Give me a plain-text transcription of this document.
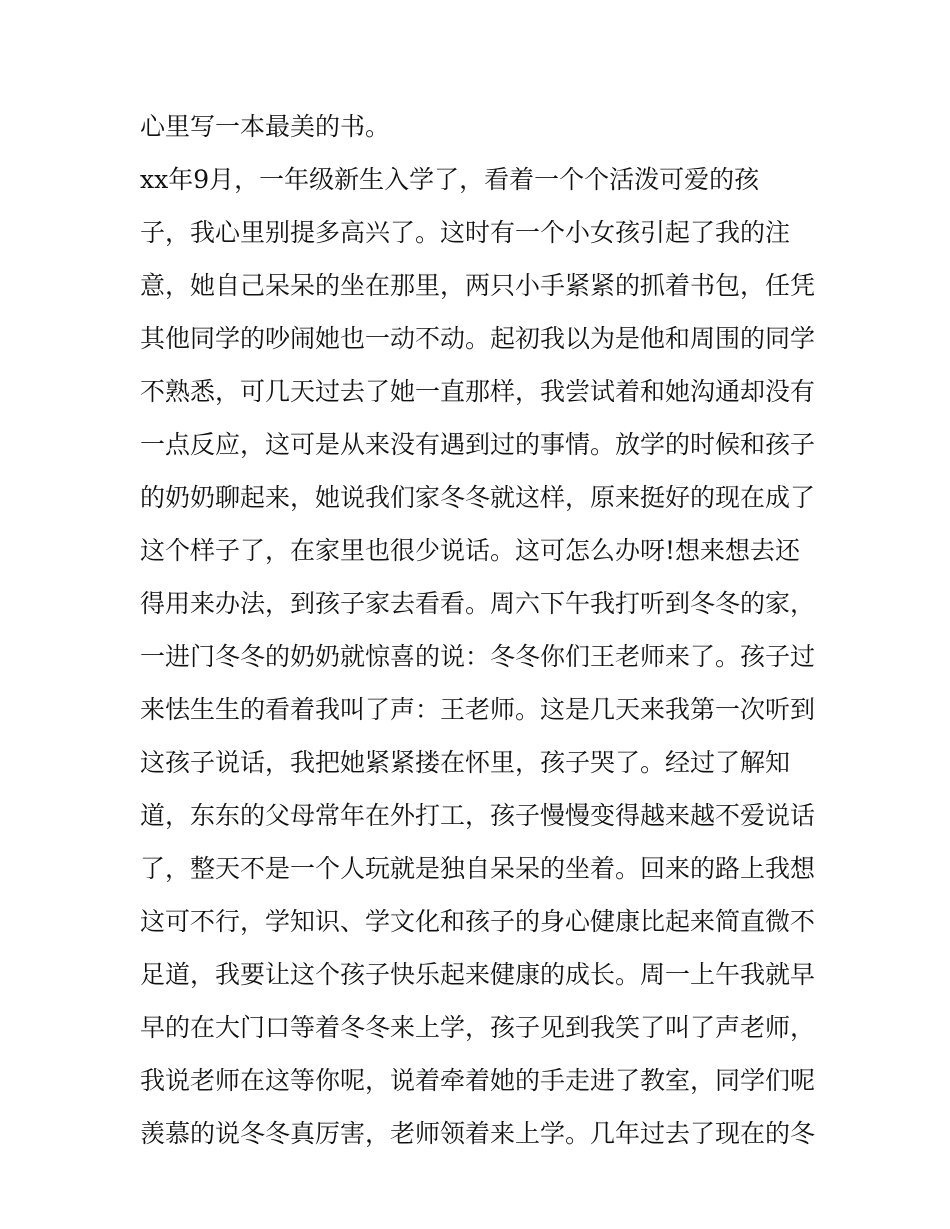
心里写一本最美的书。
xx年9月，一年级新生入学了，看着一个个活泼可爱的孩
子，我心里别提多高兴了。这时有一个小女孩引起了我的注
意，她自己呆呆的坐在那里，两只小手紧紧的抓着书包，任凭
其他同学的吵闹她也一动不动。起初我以为是他和周围的同学
不熟悉，可几天过去了她一直那样，我尝试着和她沟通却没有
一点反应，这可是从来没有遇到过的事情。放学的时候和孩子
的奶奶聊起来，她说我们家冬冬就这样，原来挺好的现在成了
这个样子了，在家里也很少说话。这可怎么办呀!想来想去还
得用来办法，到孩子家去看看。周六下午我打听到冬冬的家，
一进门冬冬的奶奶就惊喜的说：冬冬你们王老师来了。孩子过
来怯生生的看着我叫了声：王老师。这是几天来我第一次听到
这孩子说话，我把她紧紧搂在怀里，孩子哭了。经过了解知
道，东东的父母常年在外打工，孩子慢慢变得越来越不爱说话
了，整天不是一个人玩就是独自呆呆的坐着。回来的路上我想
这可不行，学知识、学文化和孩子的身心健康比起来简直微不
足道，我要让这个孩子快乐起来健康的成长。周一上午我就早
早的在大门口等着冬冬来上学，孩子见到我笑了叫了声老师，
我说老师在这等你呢，说着牵着她的手走进了教室，同学们呢
羡慕的说冬冬真厉害，老师领着来上学。几年过去了现在的冬
